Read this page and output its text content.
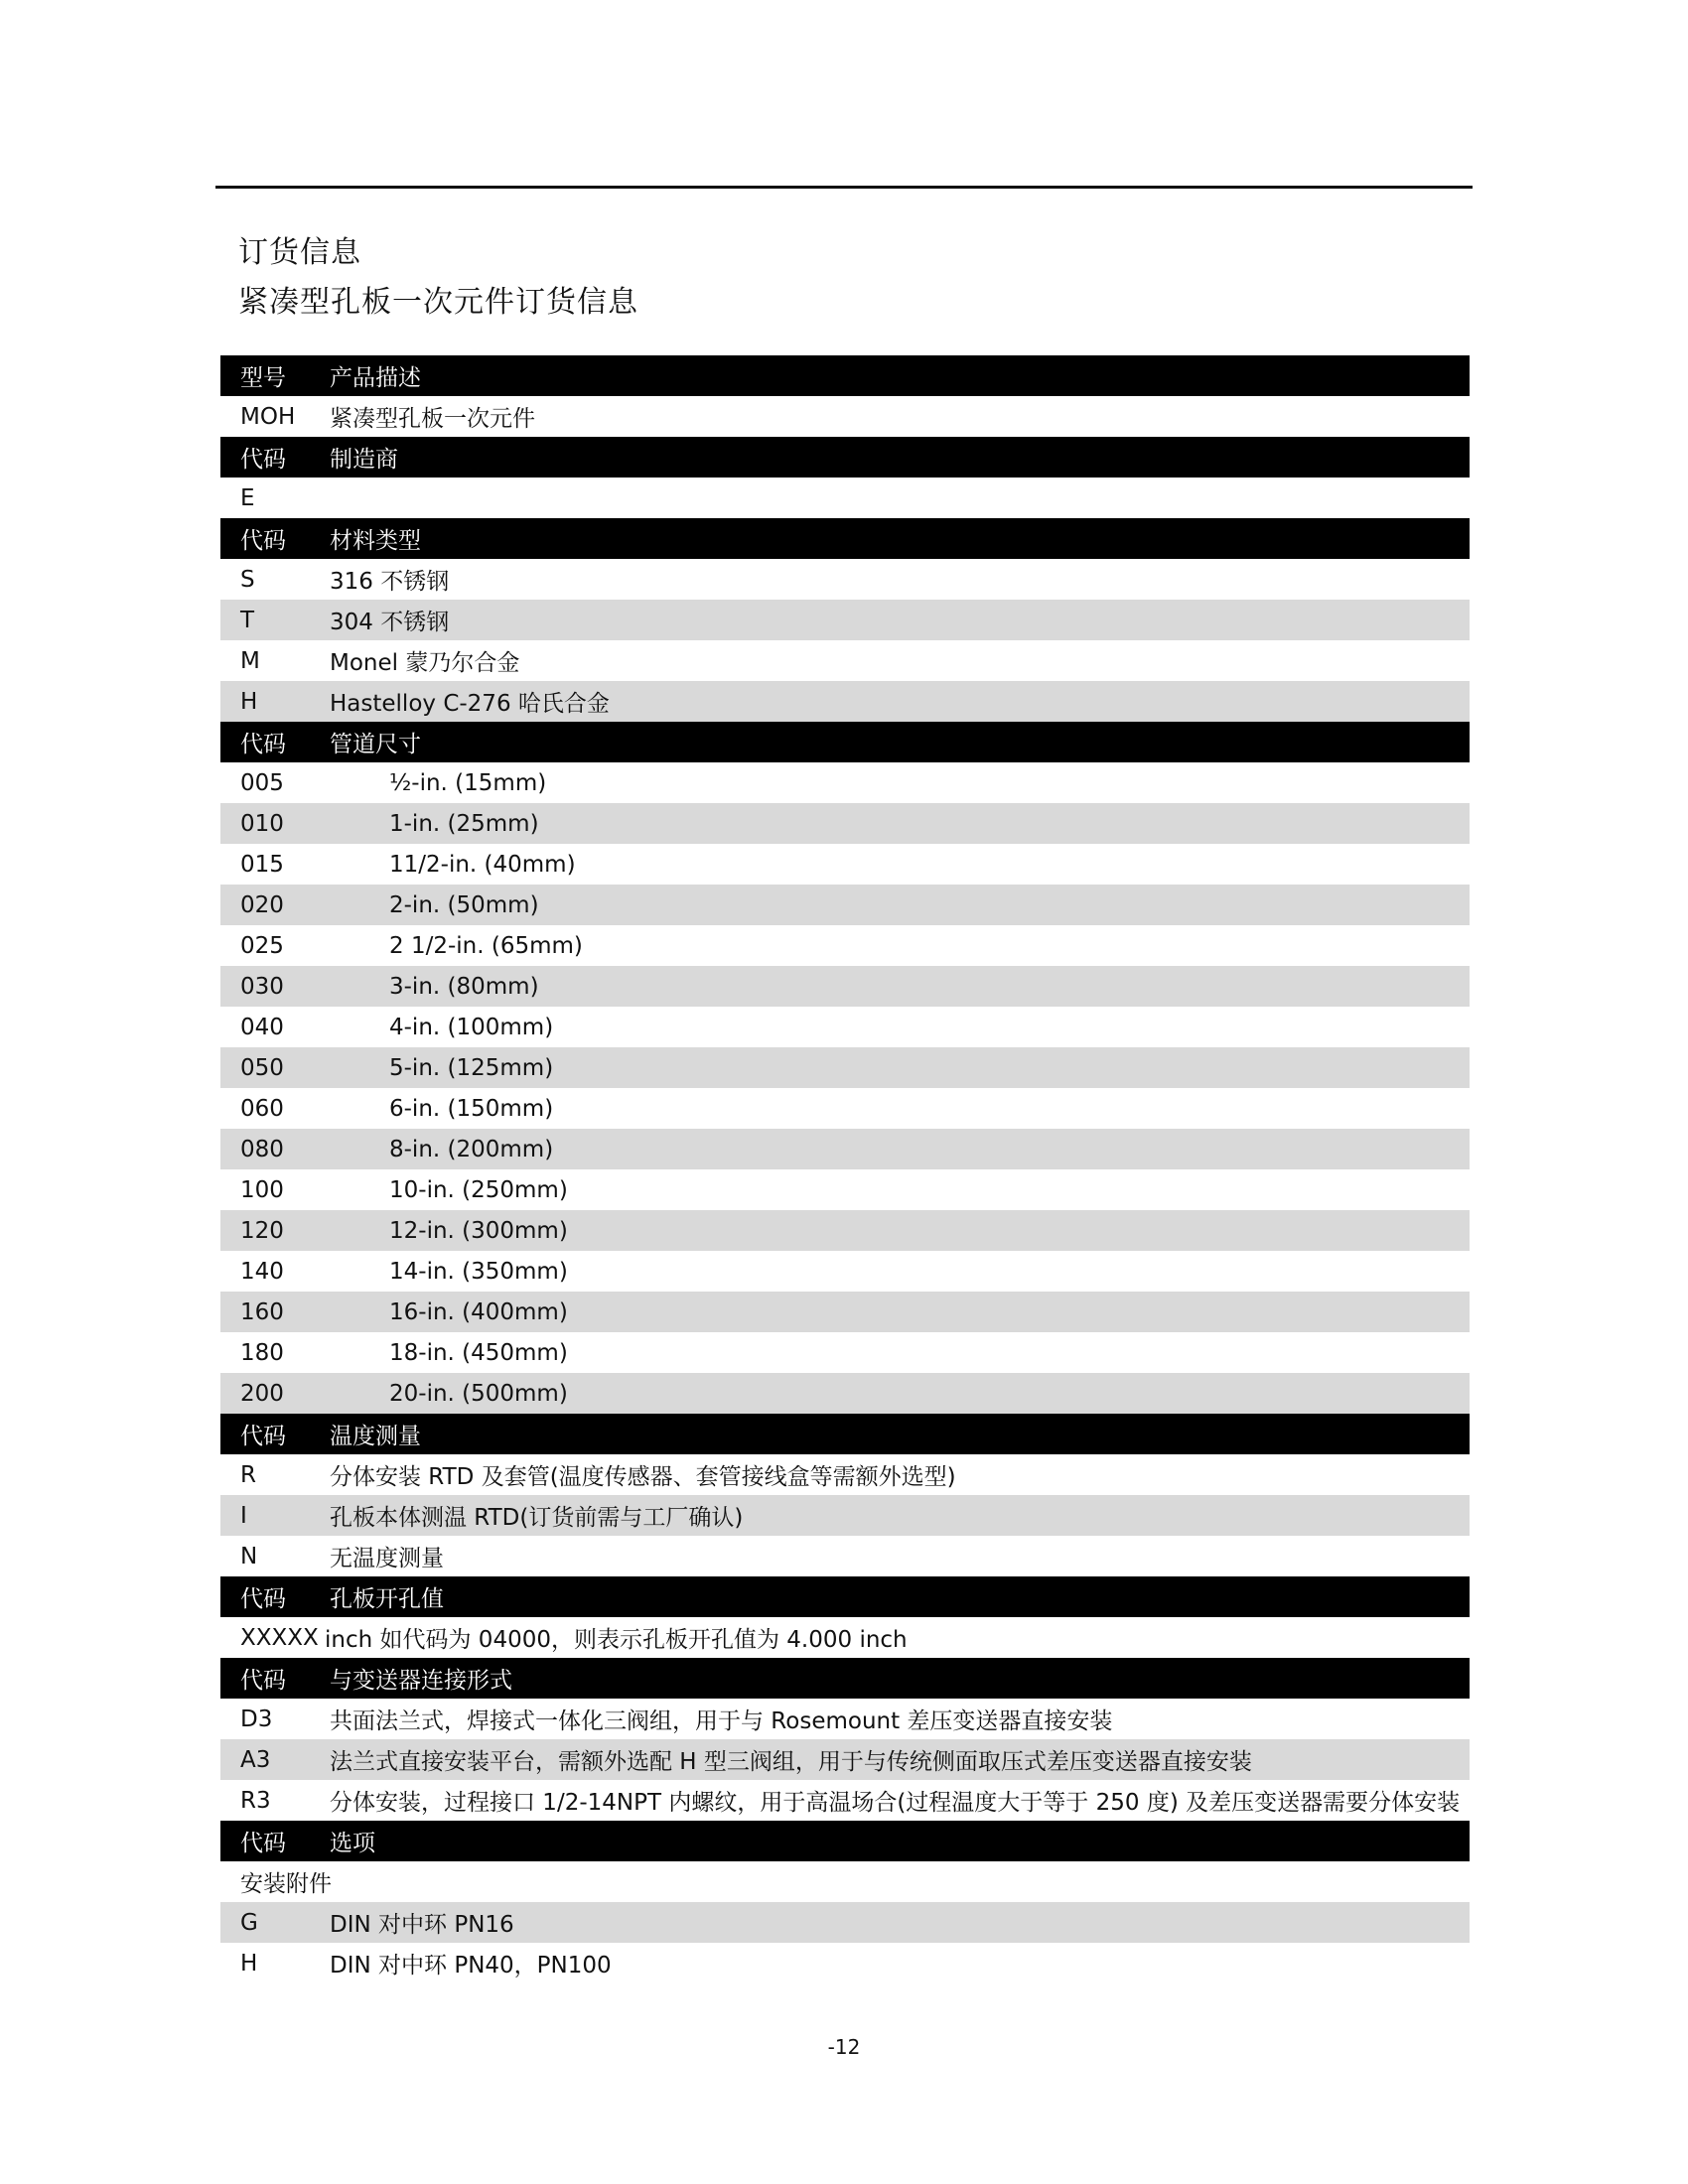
订货信息
紧凑型孔板一次元件订货信息
型号 产品描述
MOH 紧凑型孔板一次元件
代码 制造商
E
代码 材料类型
S	316 不锈钢
T	304 不锈钢
M	Monel 蒙乃尔合金
H	Hastelloy C-276 哈氏合金
代码 管道尺寸
005	½-in. (15mm)
010	1-in. (25mm)
015	11/2-in. (40mm)
020	2-in. (50mm)
025	2 1/2-in. (65mm)
030	3-in. (80mm)
040	4-in. (100mm)
050	5-in. (125mm)
060	6-in. (150mm)
080	8-in. (200mm)
100	10-in. (250mm)
120	12-in. (300mm)
140	14-in. (350mm)
160	16-in. (400mm)
180	18-in. (450mm)
200	20-in. (500mm)
代码 温度测量
R	分体安装 RTD 及套管(温度传感器、套管接线盒等需额外选型)
I	孔板本体测温 RTD(订货前需与工厂确认)
N	无温度测量
代码 孔板开孔值
XXXXX inch 如代码为 04000，则表示孔板开孔值为 4.000 inch
代码 与变送器连接形式
D3	共面法兰式，焊接式一体化三阀组，用于与 Rosemount 差压变送器直接安装
A3	法兰式直接安装平台，需额外选配 H 型三阀组，用于与传统侧面取压式差压变送器直接安装
R3	分体安装，过程接口 1/2-14NPT 内螺纹，用于高温场合(过程温度大于等于 250 度) 及差压变送器需要分体安装
代码 选项
安装附件
G	DIN 对中环 PN16
H	DIN 对中环 PN40，PN100
-12
